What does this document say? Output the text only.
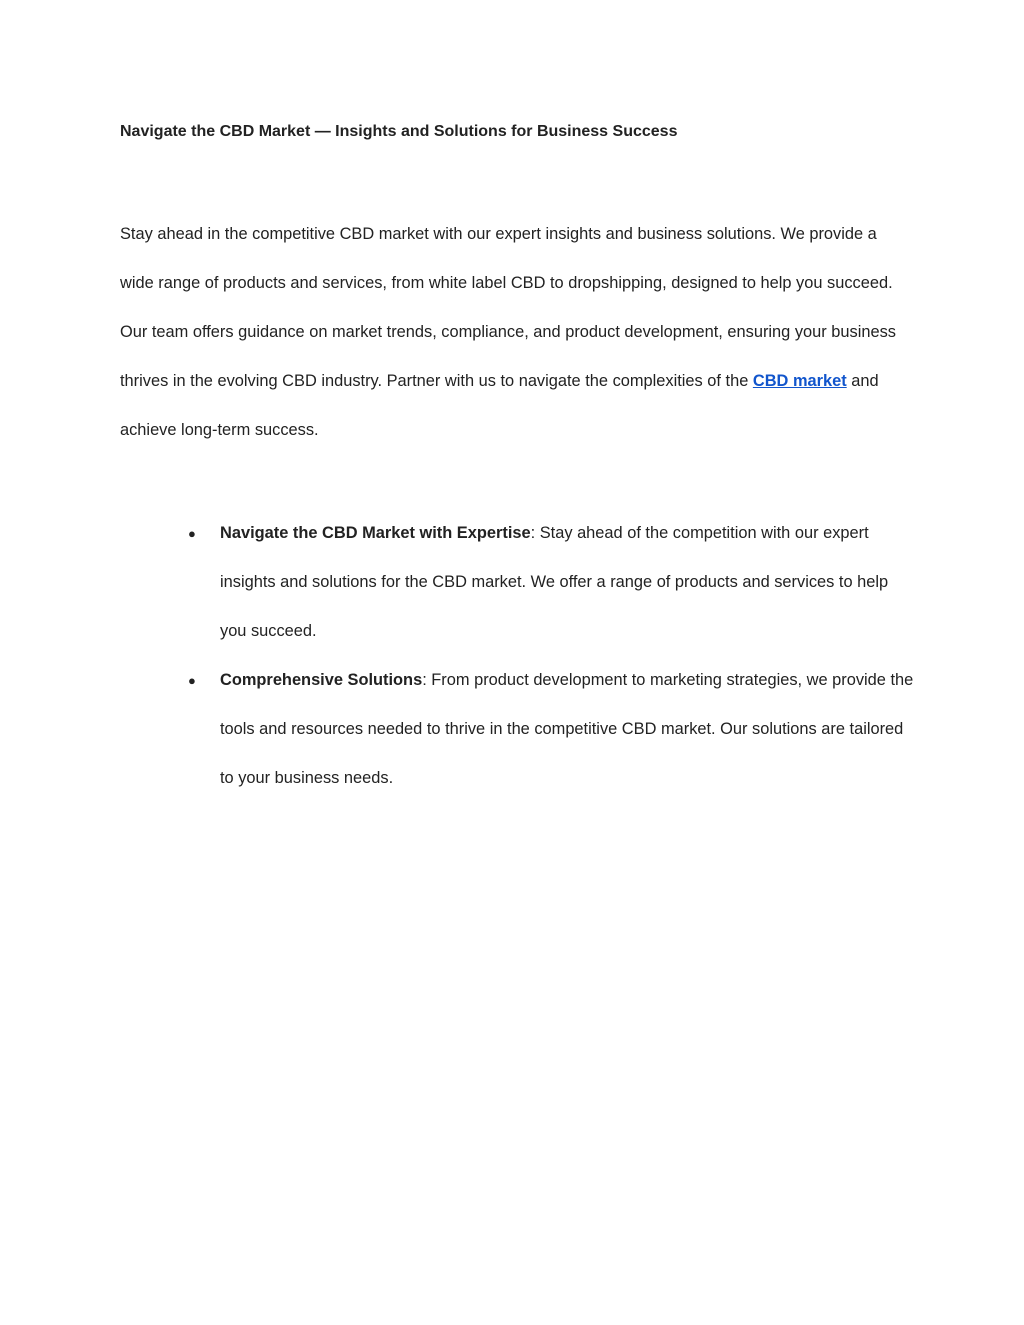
Navigate the CBD Market — Insights and Solutions for Business Success

Stay ahead in the competitive CBD market with our expert insights and business solutions. We provide a wide range of products and services, from white label CBD to dropshipping, designed to help you succeed. Our team offers guidance on market trends, compliance, and product development, ensuring your business thrives in the evolving CBD industry. Partner with us to navigate the complexities of the CBD market and achieve long-term success.

● Navigate the CBD Market with Expertise: Stay ahead of the competition with our expert insights and solutions for the CBD market. We offer a range of products and services to help you succeed.
● Comprehensive Solutions: From product development to marketing strategies, we provide the tools and resources needed to thrive in the competitive CBD market. Our solutions are tailored to your business needs.
